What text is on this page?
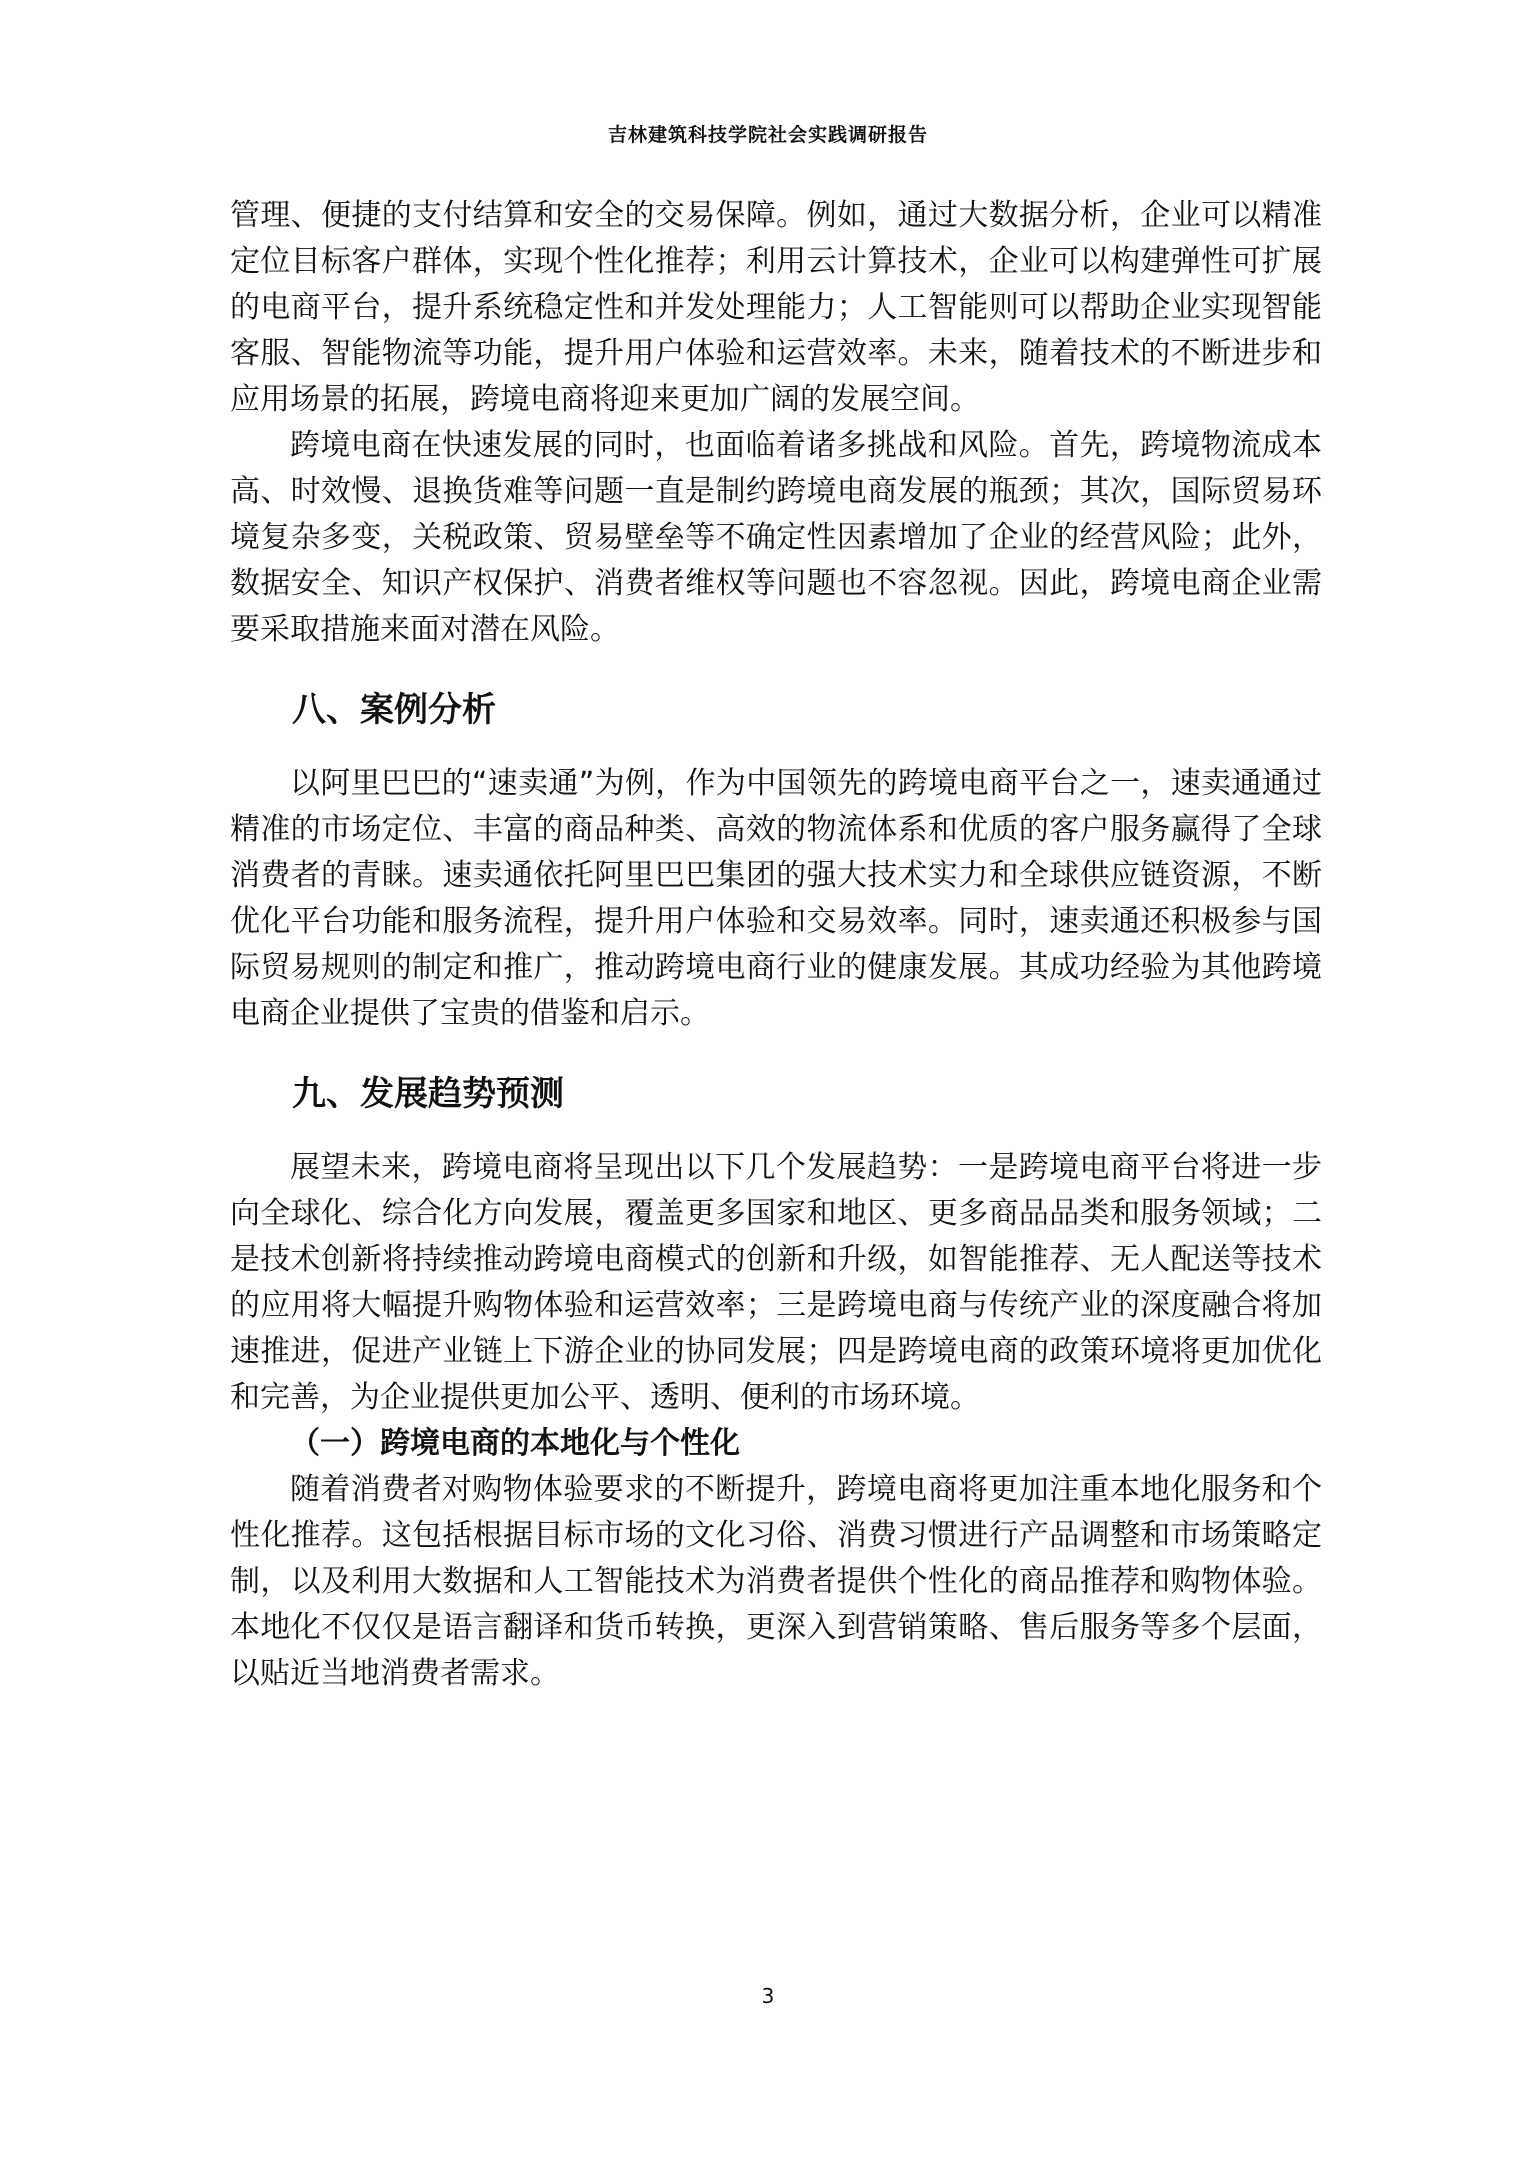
吉林建筑科技学院社会实践调研报告

管理、便捷的支付结算和安全的交易保障。例如，通过大数据分析，企业可以精准定位目标客户群体，实现个性化推荐；利用云计算技术，企业可以构建弹性可扩展的电商平台，提升系统稳定性和并发处理能力；人工智能则可以帮助企业实现智能客服、智能物流等功能，提升用户体验和运营效率。未来，随着技术的不断进步和应用场景的拓展，跨境电商将迎来更加广阔的发展空间。

跨境电商在快速发展的同时，也面临着诸多挑战和风险。首先，跨境物流成本高、时效慢、退换货难等问题一直是制约跨境电商发展的瓶颈；其次，国际贸易环境复杂多变，关税政策、贸易壁垒等不确定性因素增加了企业的经营风险；此外，数据安全、知识产权保护、消费者维权等问题也不容忽视。因此，跨境电商企业需要采取措施来面对潜在风险。

八、案例分析

以阿里巴巴的“速卖通”为例，作为中国领先的跨境电商平台之一，速卖通通过精准的市场定位、丰富的商品种类、高效的物流体系和优质的客户服务赢得了全球消费者的青睐。速卖通依托阿里巴巴集团的强大技术实力和全球供应链资源，不断优化平台功能和服务流程，提升用户体验和交易效率。同时，速卖通还积极参与国际贸易规则的制定和推广，推动跨境电商行业的健康发展。其成功经验为其他跨境电商企业提供了宝贵的借鉴和启示。

九、发展趋势预测

展望未来，跨境电商将呈现出以下几个发展趋势：一是跨境电商平台将进一步向全球化、综合化方向发展，覆盖更多国家和地区、更多商品品类和服务领域；二是技术创新将持续推动跨境电商模式的创新和升级，如智能推荐、无人配送等技术的应用将大幅提升购物体验和运营效率；三是跨境电商与传统产业的深度融合将加速推进，促进产业链上下游企业的协同发展；四是跨境电商的政策环境将更加优化和完善，为企业提供更加公平、透明、便利的市场环境。

（一）跨境电商的本地化与个性化

随着消费者对购物体验要求的不断提升，跨境电商将更加注重本地化服务和个性化推荐。这包括根据目标市场的文化习俗、消费习惯进行产品调整和市场策略定制，以及利用大数据和人工智能技术为消费者提供个性化的商品推荐和购物体验。本地化不仅仅是语言翻译和货币转换，更深入到营销策略、售后服务等多个层面，以贴近当地消费者需求。

3
